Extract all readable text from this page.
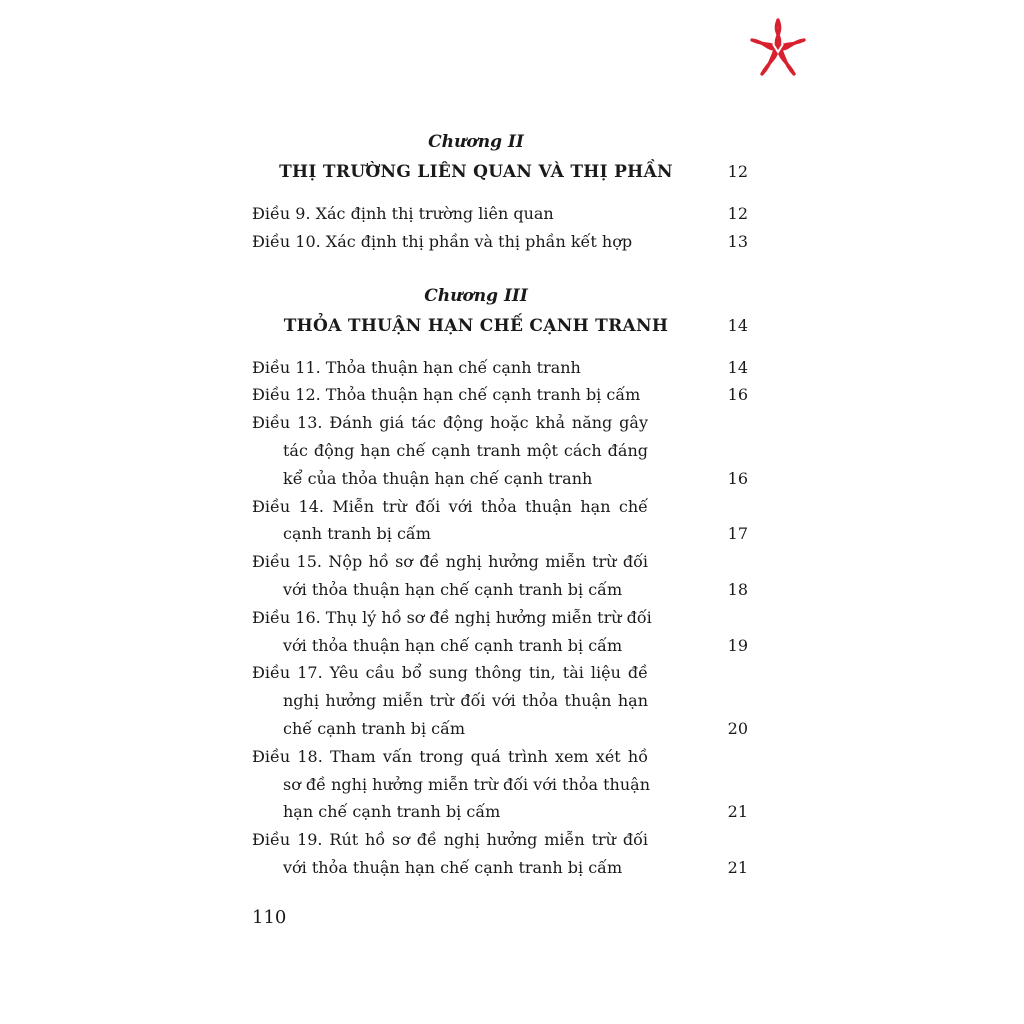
Chương II
THỊ TRƯỜNG LIÊN QUAN VÀ THỊ PHẦN	12
Điều 9. Xác định thị trường liên quan	12
Điều 10. Xác định thị phần và thị phần kết hợp	13
Chương III
THỎA THUẬN HẠN CHẾ CẠNH TRANH	14
Điều 11. Thỏa thuận hạn chế cạnh tranh	14
Điều 12. Thỏa thuận hạn chế cạnh tranh bị cấm	16
Điều 13. Đánh giá tác động hoặc khả năng gây
tác động hạn chế cạnh tranh một cách đáng
kể của thỏa thuận hạn chế cạnh tranh	16
Điều 14. Miễn trừ đối với thỏa thuận hạn chế
cạnh tranh bị cấm	17
Điều 15. Nộp hồ sơ đề nghị hưởng miễn trừ đối
với thỏa thuận hạn chế cạnh tranh bị cấm	18
Điều 16. Thụ lý hồ sơ đề nghị hưởng miễn trừ đối
với thỏa thuận hạn chế cạnh tranh bị cấm	19
Điều 17. Yêu cầu bổ sung thông tin, tài liệu đề
nghị hưởng miễn trừ đối với thỏa thuận hạn
chế cạnh tranh bị cấm	20
Điều 18. Tham vấn trong quá trình xem xét hồ
sơ đề nghị hưởng miễn trừ đối với thỏa thuận
hạn chế cạnh tranh bị cấm	21
Điều 19. Rút hồ sơ đề nghị hưởng miễn trừ đối
với thỏa thuận hạn chế cạnh tranh bị cấm	21
110
